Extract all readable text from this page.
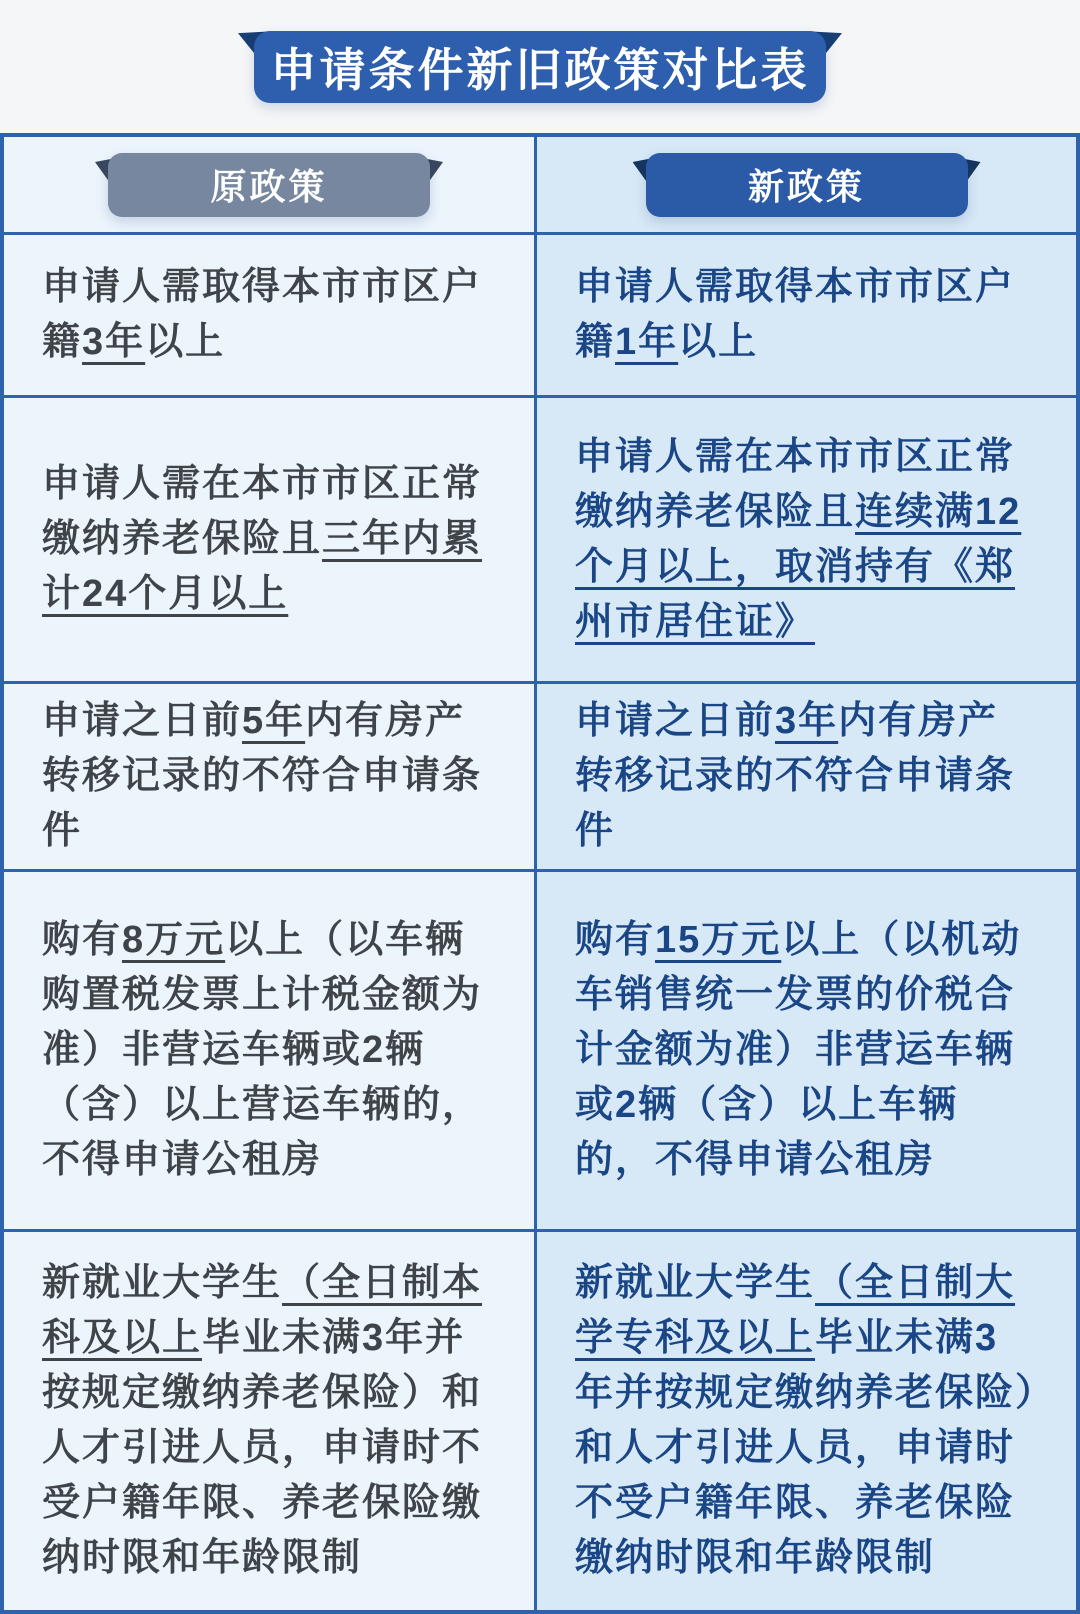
申请条件新旧政策对比表
原政策	新政策

申请人需取得本市市区户籍3年以上

申请人需取得本市市区户籍1年以上

申请人需在本市市区正常缴纳养老保险且三年内累计24个月以上

申请人需在本市市区正常缴纳养老保险且连续满12个月以上，取消持有《郑州市居住证》

申请之日前5年内有房产转移记录的不符合申请条件

申请之日前3年内有房产转移记录的不符合申请条件

购有8万元以上（以车辆购置税发票上计税金额为准）非营运车辆或2辆（含）以上营运车辆的，不得申请公租房

购有15万元以上（以机动车销售统一发票的价税合计金额为准）非营运车辆或2辆（含）以上车辆的，不得申请公租房

新就业大学生（全日制本科及以上毕业未满3年并按规定缴纳养老保险）和人才引进人员，申请时不受户籍年限、养老保险缴纳时限和年龄限制

新就业大学生（全日制大学专科及以上毕业未满3年并按规定缴纳养老保险）和人才引进人员，申请时不受户籍年限、养老保险缴纳时限和年龄限制
